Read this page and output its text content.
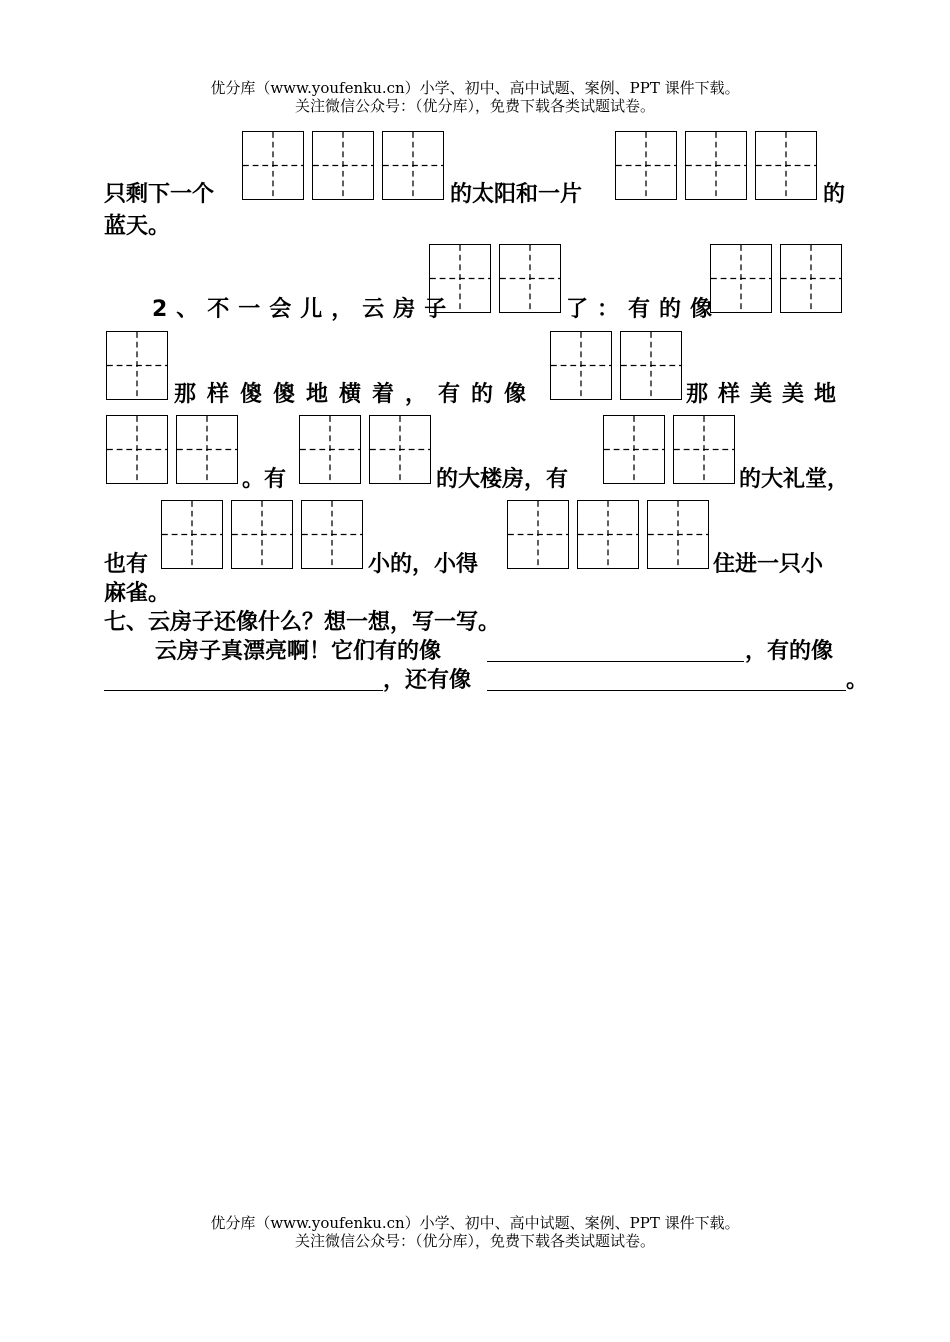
优分库（www.youfenku.cn）小学、初中、高中试题、案例、PPT 课件下载。

关注微信公众号：（优分库），免费下载各类试题试卷。

只剩下一个	的太阳和一片	的

蓝天。

2、不一会儿，云房子	了：有的像

那样傻傻地横着，有的像	那样美美地

。有	的大楼房，有	的大礼堂，

也有	小的，小得	住进一只小

麻雀。

七、云房子还像什么？想一想，写一写。

云房子真漂亮啊！它们有的像	，有的像

，还有像	。

优分库（www.youfenku.cn）小学、初中、高中试题、案例、PPT 课件下载。

关注微信公众号：（优分库），免费下载各类试题试卷。
